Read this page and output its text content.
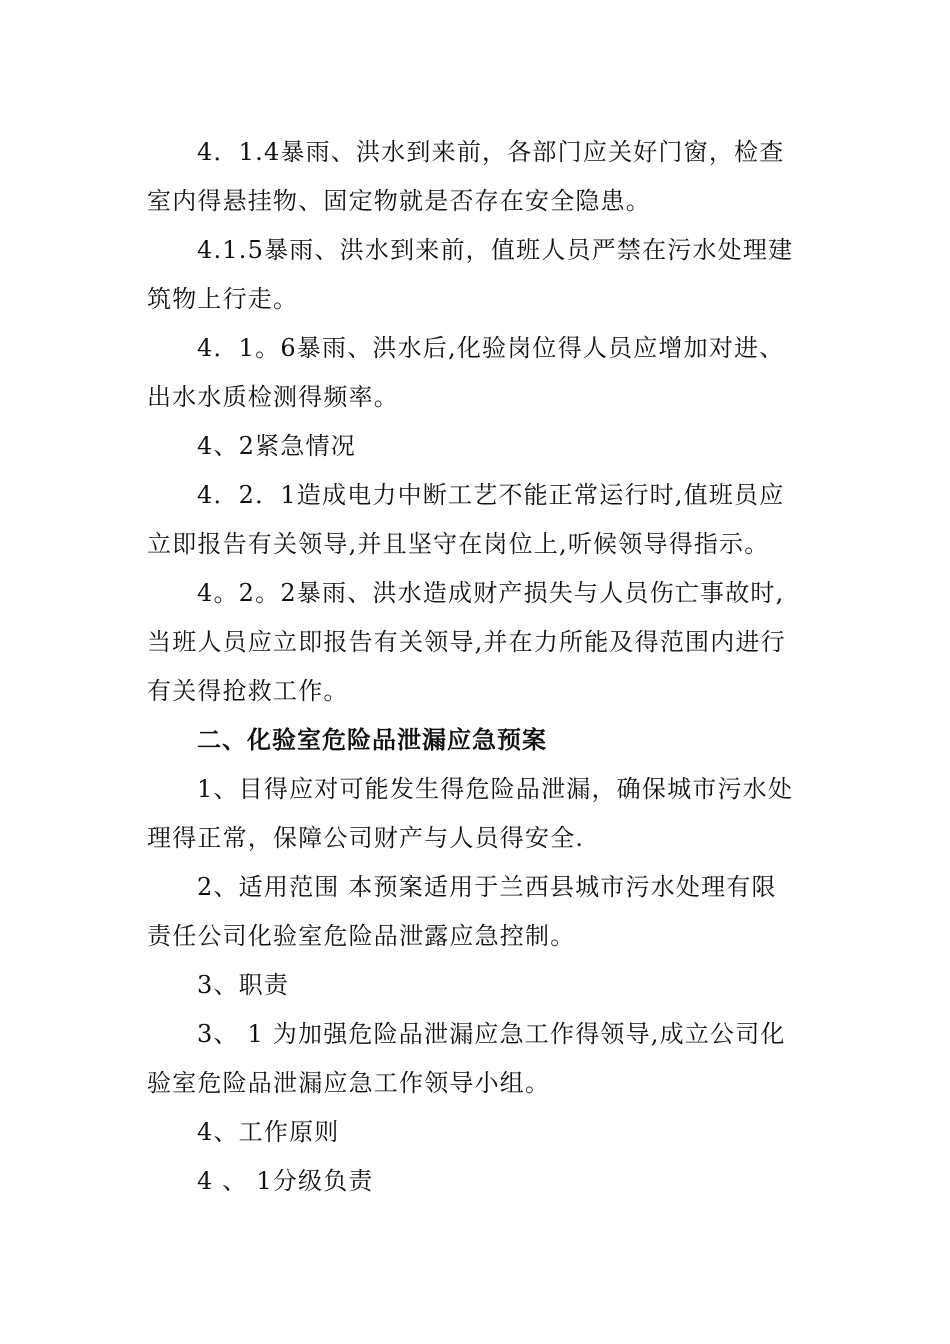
4．1.4暴雨、洪水到来前，各部门应关好门窗，检查
室内得悬挂物、固定物就是否存在安全隐患。

4.1.5暴雨、洪水到来前，值班人员严禁在污水处理建
筑物上行走。

4．1。6暴雨、洪水后,化验岗位得人员应增加对进、
出水水质检测得频率。

4、2紧急情况

4．2．1造成电力中断工艺不能正常运行时,值班员应
立即报告有关领导,并且坚守在岗位上,听候领导得指示。

4。2。2暴雨、洪水造成财产损失与人员伤亡事故时,
当班人员应立即报告有关领导,并在力所能及得范围内进行
有关得抢救工作。

二、化验室危险品泄漏应急预案

1、目得应对可能发生得危险品泄漏，确保城市污水处
理得正常，保障公司财产与人员得安全.

2、适用范围 本预案适用于兰西县城市污水处理有限
责任公司化验室危险品泄露应急控制。

3、职责

3、 1 为加强危险品泄漏应急工作得领导,成立公司化
验室危险品泄漏应急工作领导小组。

4、工作原则

4 、 1分级负责
